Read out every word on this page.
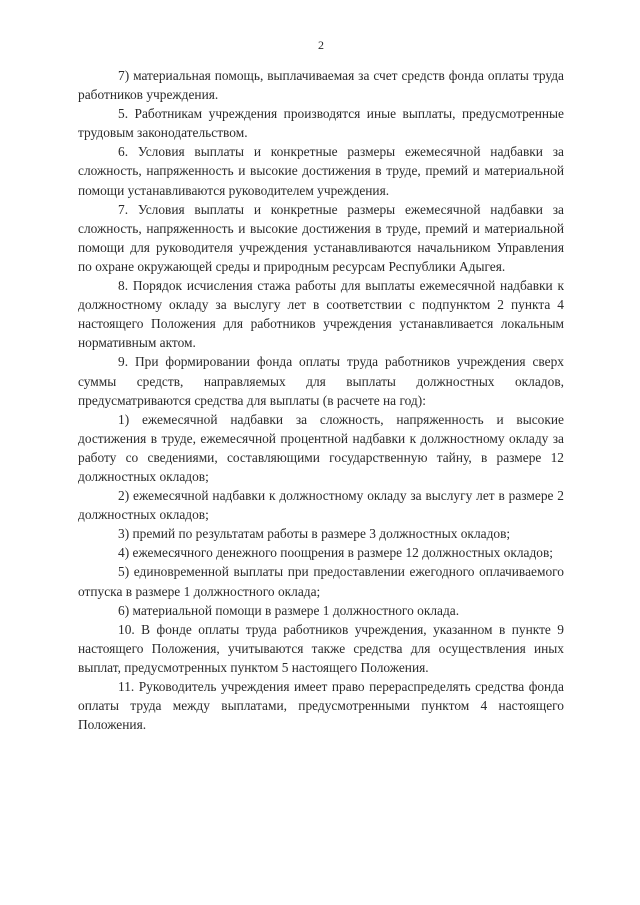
2

7) материальная помощь, выплачиваемая за счет средств фонда оплаты труда работников учреждения.

5. Работникам учреждения производятся иные выплаты, предусмотренные трудовым законодательством.

6. Условия выплаты и конкретные размеры ежемесячной надбавки за сложность, напряженность и высокие достижения в труде, премий и материальной помощи устанавливаются руководителем учреждения.

7. Условия выплаты и конкретные размеры ежемесячной надбавки за сложность, напряженность и высокие достижения в труде, премий и материальной помощи для руководителя учреждения устанавливаются начальником Управления по охране окружающей среды и природным ресурсам Республики Адыгея.

8. Порядок исчисления стажа работы для выплаты ежемесячной надбавки к должностному окладу за выслугу лет в соответствии с подпунктом 2 пункта 4 настоящего Положения для работников учреждения устанавливается локальным нормативным актом.

9. При формировании фонда оплаты труда работников учреждения сверх суммы средств, направляемых для выплаты должностных окладов, предусматриваются средства для выплаты (в расчете на год):

1) ежемесячной надбавки за сложность, напряженность и высокие достижения в труде, ежемесячной процентной надбавки к должностному окладу за работу со сведениями, составляющими государственную тайну, в размере 12 должностных окладов;

2) ежемесячной надбавки к должностному окладу за выслугу лет в размере 2 должностных окладов;

3) премий по результатам работы в размере 3 должностных окладов;

4) ежемесячного денежного поощрения в размере 12 должностных окладов;

5) единовременной выплаты при предоставлении ежегодного оплачиваемого отпуска в размере 1 должностного оклада;

6) материальной помощи в размере 1 должностного оклада.

10. В фонде оплаты труда работников учреждения, указанном в пункте 9 настоящего Положения, учитываются также средства для осуществления иных выплат, предусмотренных пунктом 5 настоящего Положения.

11. Руководитель учреждения имеет право перераспределять средства фонда оплаты труда между выплатами, предусмотренными пунктом 4 настоящего Положения.
